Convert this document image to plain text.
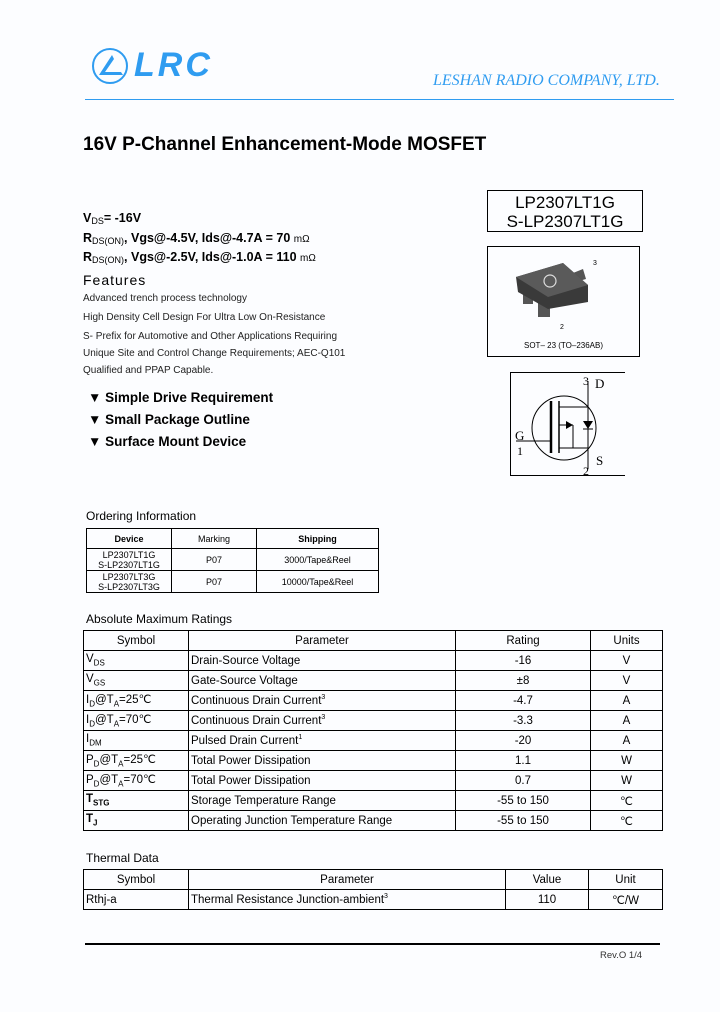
LRC	LESHAN RADIO COMPANY, LTD.
16V P-Channel Enhancement-Mode MOSFET
LP2307LT1G
S-LP2307LT1G
3
2
SOT– 23 (TO–236AB)
3 D
G
1
S
2
$V_{DS}= -16V$
$R_{DS(ON)}$, Vgs@-4.5V, Ids@-4.7A = 70 mΩ
$R_{DS(ON)}$, Vgs@-2.5V, Ids@-1.0A = 110 mΩ
Features
Advanced trench process technology
High Density Cell Design For Ultra Low On-Resistance
S- Prefix for Automotive and Other Applications Requiring
Unique Site and Control Change Requirements; AEC-Q101
Qualified and PPAP Capable.
▼ Simple Drive Requirement
▼ Small Package Outline
▼ Surface Mount Device
Ordering Information
Device	Marking	Shipping

LP2307LT1G
S-LP2307LT1G	P07	3000/Tape&Reel

LP2307LT3G
S-LP2307LT3G	P07	10000/Tape&Reel
Absolute Maximum Ratings
Symbol	Parameter	Rating	Units
$V_{DS}$	Drain-Source Voltage	-16	V
$V_{GS}$	Gate-Source Voltage	±8	V
$I_D@T_A=25℃$	Continuous Drain Current$^3$	-4.7	A
$I_D@T_A=70℃$	Continuous Drain Current$^3$	-3.3	A
$I_{DM}$	Pulsed Drain Current$^1$	-20	A
$P_D@T_A=25℃$	Total Power Dissipation	1.1	W
$P_D@T_A=70℃$	Total Power Dissipation	0.7	W
$T_{STG}$	Storage Temperature Range	-55 to 150	℃
$T_J$	Operating Junction Temperature Range	-55 to 150	℃
Thermal Data
Symbol	Parameter	Value	Unit
Rthj-a	Thermal Resistance Junction-ambient$^3$	110	℃/W
Rev.O 1/4
